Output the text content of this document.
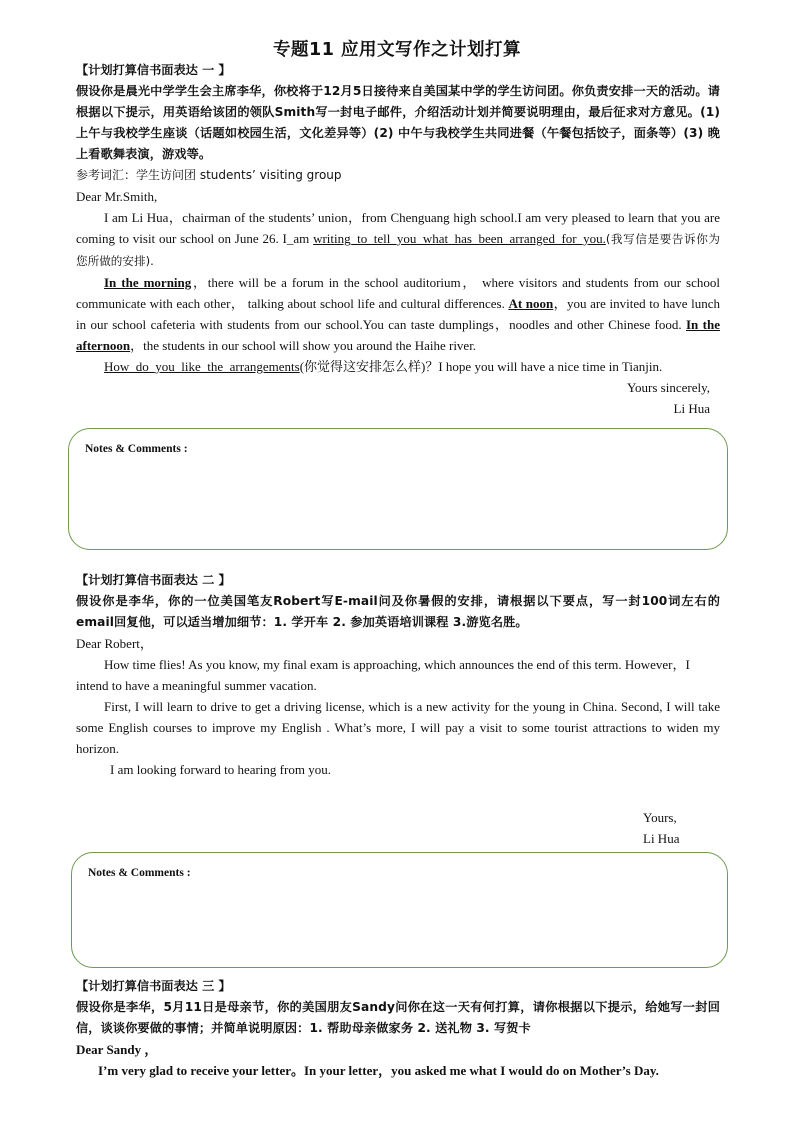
专题11 应用文写作之计划打算
【计划打算信书面表达 一 】
假设你是晨光中学学生会主席李华，你校将于12月5日接待来自美国某中学的学生访问团。你负责安排一天的活动。请根据以下提示，用英语给该团的领队Smith写一封电子邮件，介绍活动计划并简要说明理由，最后征求对方意见。(1) 上午与我校学生座谈（话题如校园生活，文化差异等）(2) 中午与我校学生共同进餐（午餐包括饺子，面条等）(3) 晚上看歌舞表演，游戏等。
参考词汇：学生访问团 students’ visiting group
Dear Mr.Smith,
I am Li Hua，chairman of the students’ union，from Chenguang high school.I am very pleased to learn that you are coming to visit our school on June 26. I_am writing_to_tell_you_what_has_been_arranged_for_you.(我写信是要告诉你为您所做的安排).
In the morning，there will be a forum in the school auditorium， where visitors and students from our school communicate with each other， talking about school life and cultural differences. At noon，you are invited to have lunch in our school cafeteria with students from our school.You can taste dumplings，noodles and other Chinese food. In the afternoon，the students in our school will show you around the Haihe river.
How_do_you_like_the_arrangements(你觉得这安排怎么样)？I hope you will have a nice time in Tianjin.
Yours sincerely,
Li Hua
Notes & Comments :
【计划打算信书面表达 二 】
假设你是李华，你的一位美国笔友Robert写E-mail问及你暑假的安排，请根据以下要点，写一封100词左右的email回复他，可以适当增加细节：1. 学开车 2. 参加英语培训课程 3.游览名胜。
Dear Robert，
How time flies! As you know, my final exam is approaching, which announces the end of this term. However，I intend to have a meaningful summer vacation.
First, I will learn to drive to get a driving license, which is a new activity for the young in China. Second, I will take some English courses to improve my English . What’s more, I will pay a visit to some tourist attractions to widen my horizon.
I am looking forward to hearing from you.
Yours,
Li Hua
Notes & Comments :
【计划打算信书面表达 三 】
假设你是李华，5月11日是母亲节，你的美国朋友Sandy问你在这一天有何打算，请你根据以下提示，给她写一封回信，谈谈你要做的事情；并简单说明原因：1. 帮助母亲做家务 2. 送礼物 3. 写贺卡
Dear Sandy ，
I’m very glad to receive your letter。In your letter，you asked me what I would do on Mother’s Day.
